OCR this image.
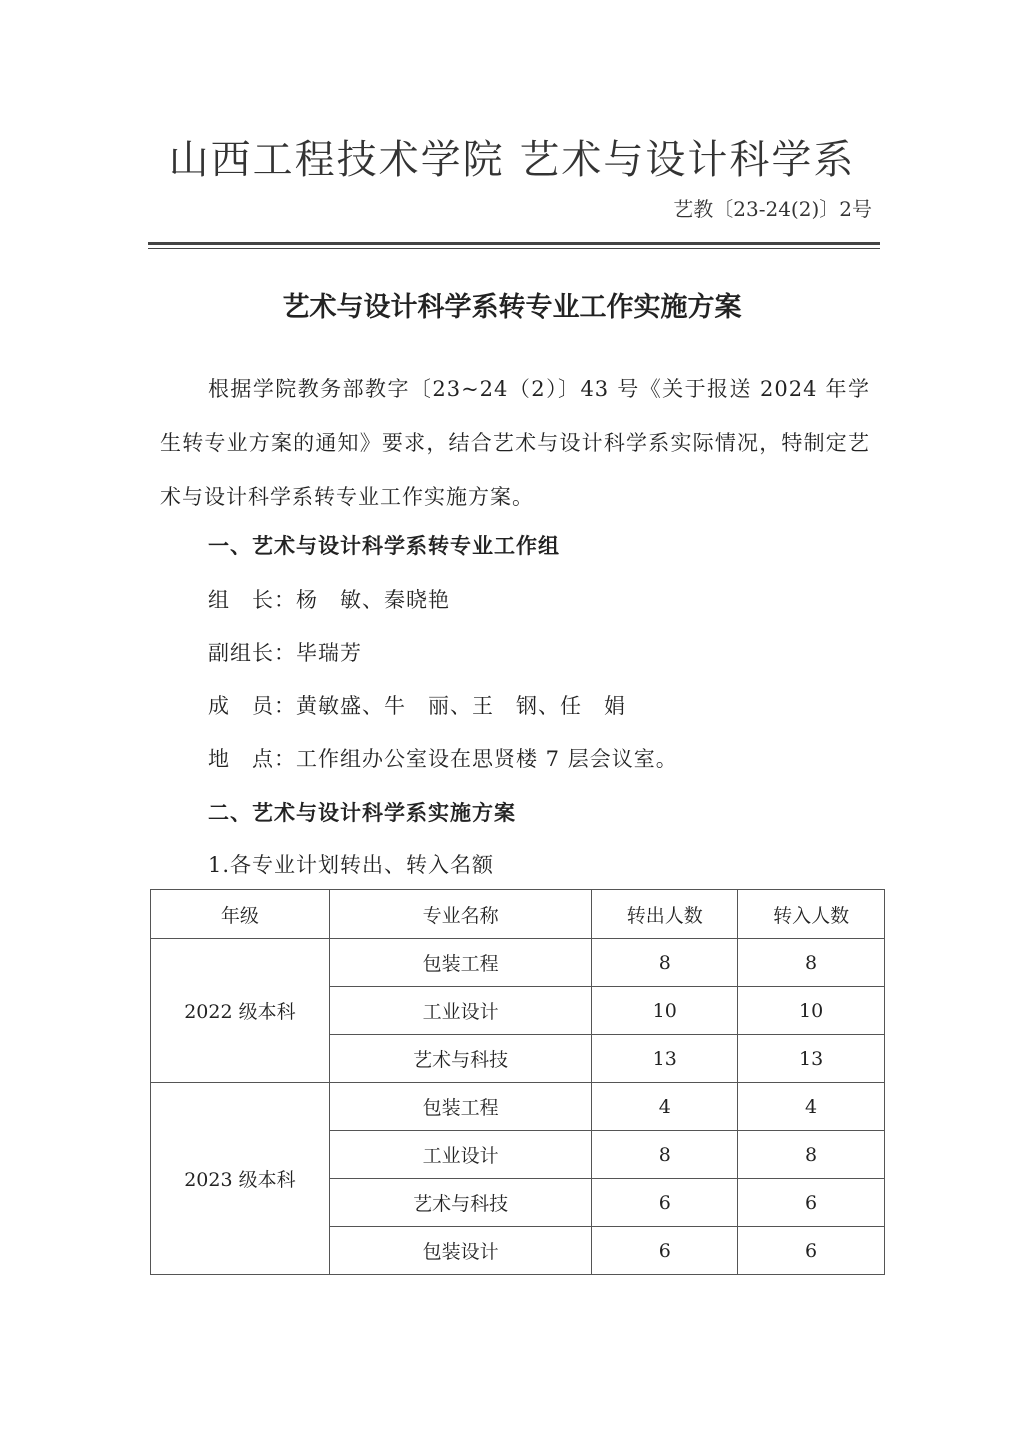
山西工程技术学院 艺术与设计科学系
艺教〔23-24(2)〕2号
艺术与设计科学系转专业工作实施方案

根据学院教务部教字〔23~24（2）〕43 号《关于报送 2024 年学生转专业方案的通知》要求，结合艺术与设计科学系实际情况，特制定艺术与设计科学系转专业工作实施方案。

一、艺术与设计科学系转专业工作组

组　长：杨　敏、秦晓艳

副组长：毕瑞芳

成　员：黄敏盛、牛　丽、王　钢、任　娟

地　点：工作组办公室设在思贤楼 7 层会议室。

二、艺术与设计科学系实施方案

1.各专业计划转出、转入名额

年级	专业名称	转出人数	转入人数
2022 级本科	包装工程	8	8
	工业设计	10	10
	艺术与科技	13	13
2023 级本科	包装工程	4	4
	工业设计	8	8
	艺术与科技	6	6
	包装设计	6	6
